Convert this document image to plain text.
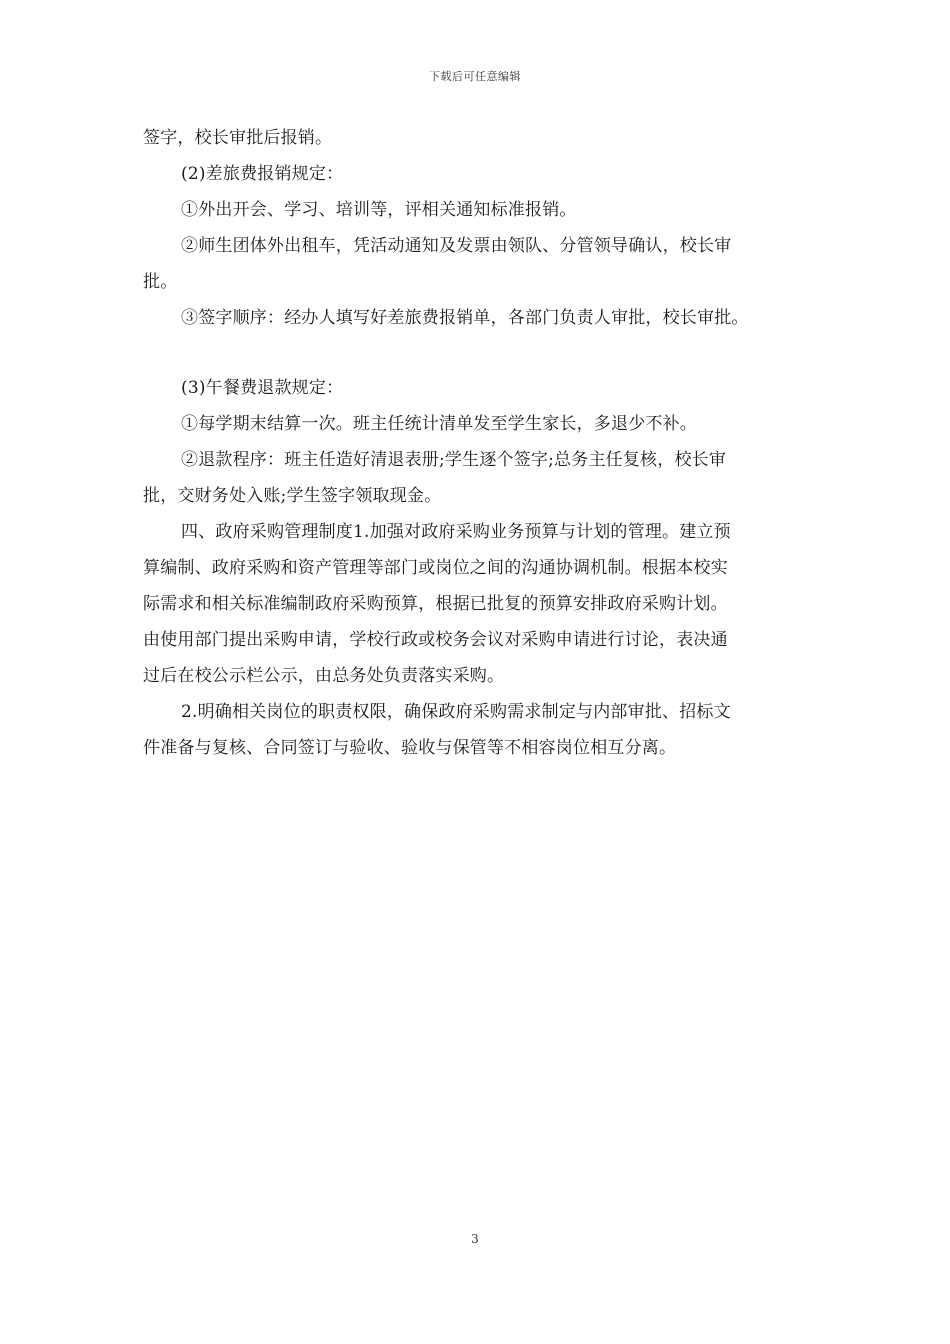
下载后可任意编辑
签字，校长审批后报销。
(2)差旅费报销规定：
①外出开会、学习、培训等，评相关通知标准报销。
②师生团体外出租车，凭活动通知及发票由领队、分管领导确认，校长审
批。
③签字顺序：经办人填写好差旅费报销单，各部门负责人审批，校长审批。
(3)午餐费退款规定：
①每学期末结算一次。班主任统计清单发至学生家长，多退少不补。
②退款程序：班主任造好清退表册;学生逐个签字;总务主任复核，校长审
批，交财务处入账;学生签字领取现金。
四、政府采购管理制度1.加强对政府采购业务预算与计划的管理。建立预
算编制、政府采购和资产管理等部门或岗位之间的沟通协调机制。根据本校实
际需求和相关标准编制政府采购预算，根据已批复的预算安排政府采购计划。
由使用部门提出采购申请，学校行政或校务会议对采购申请进行讨论，表决通
过后在校公示栏公示，由总务处负责落实采购。
2.明确相关岗位的职责权限，确保政府采购需求制定与内部审批、招标文
件准备与复核、合同签订与验收、验收与保管等不相容岗位相互分离。
3
